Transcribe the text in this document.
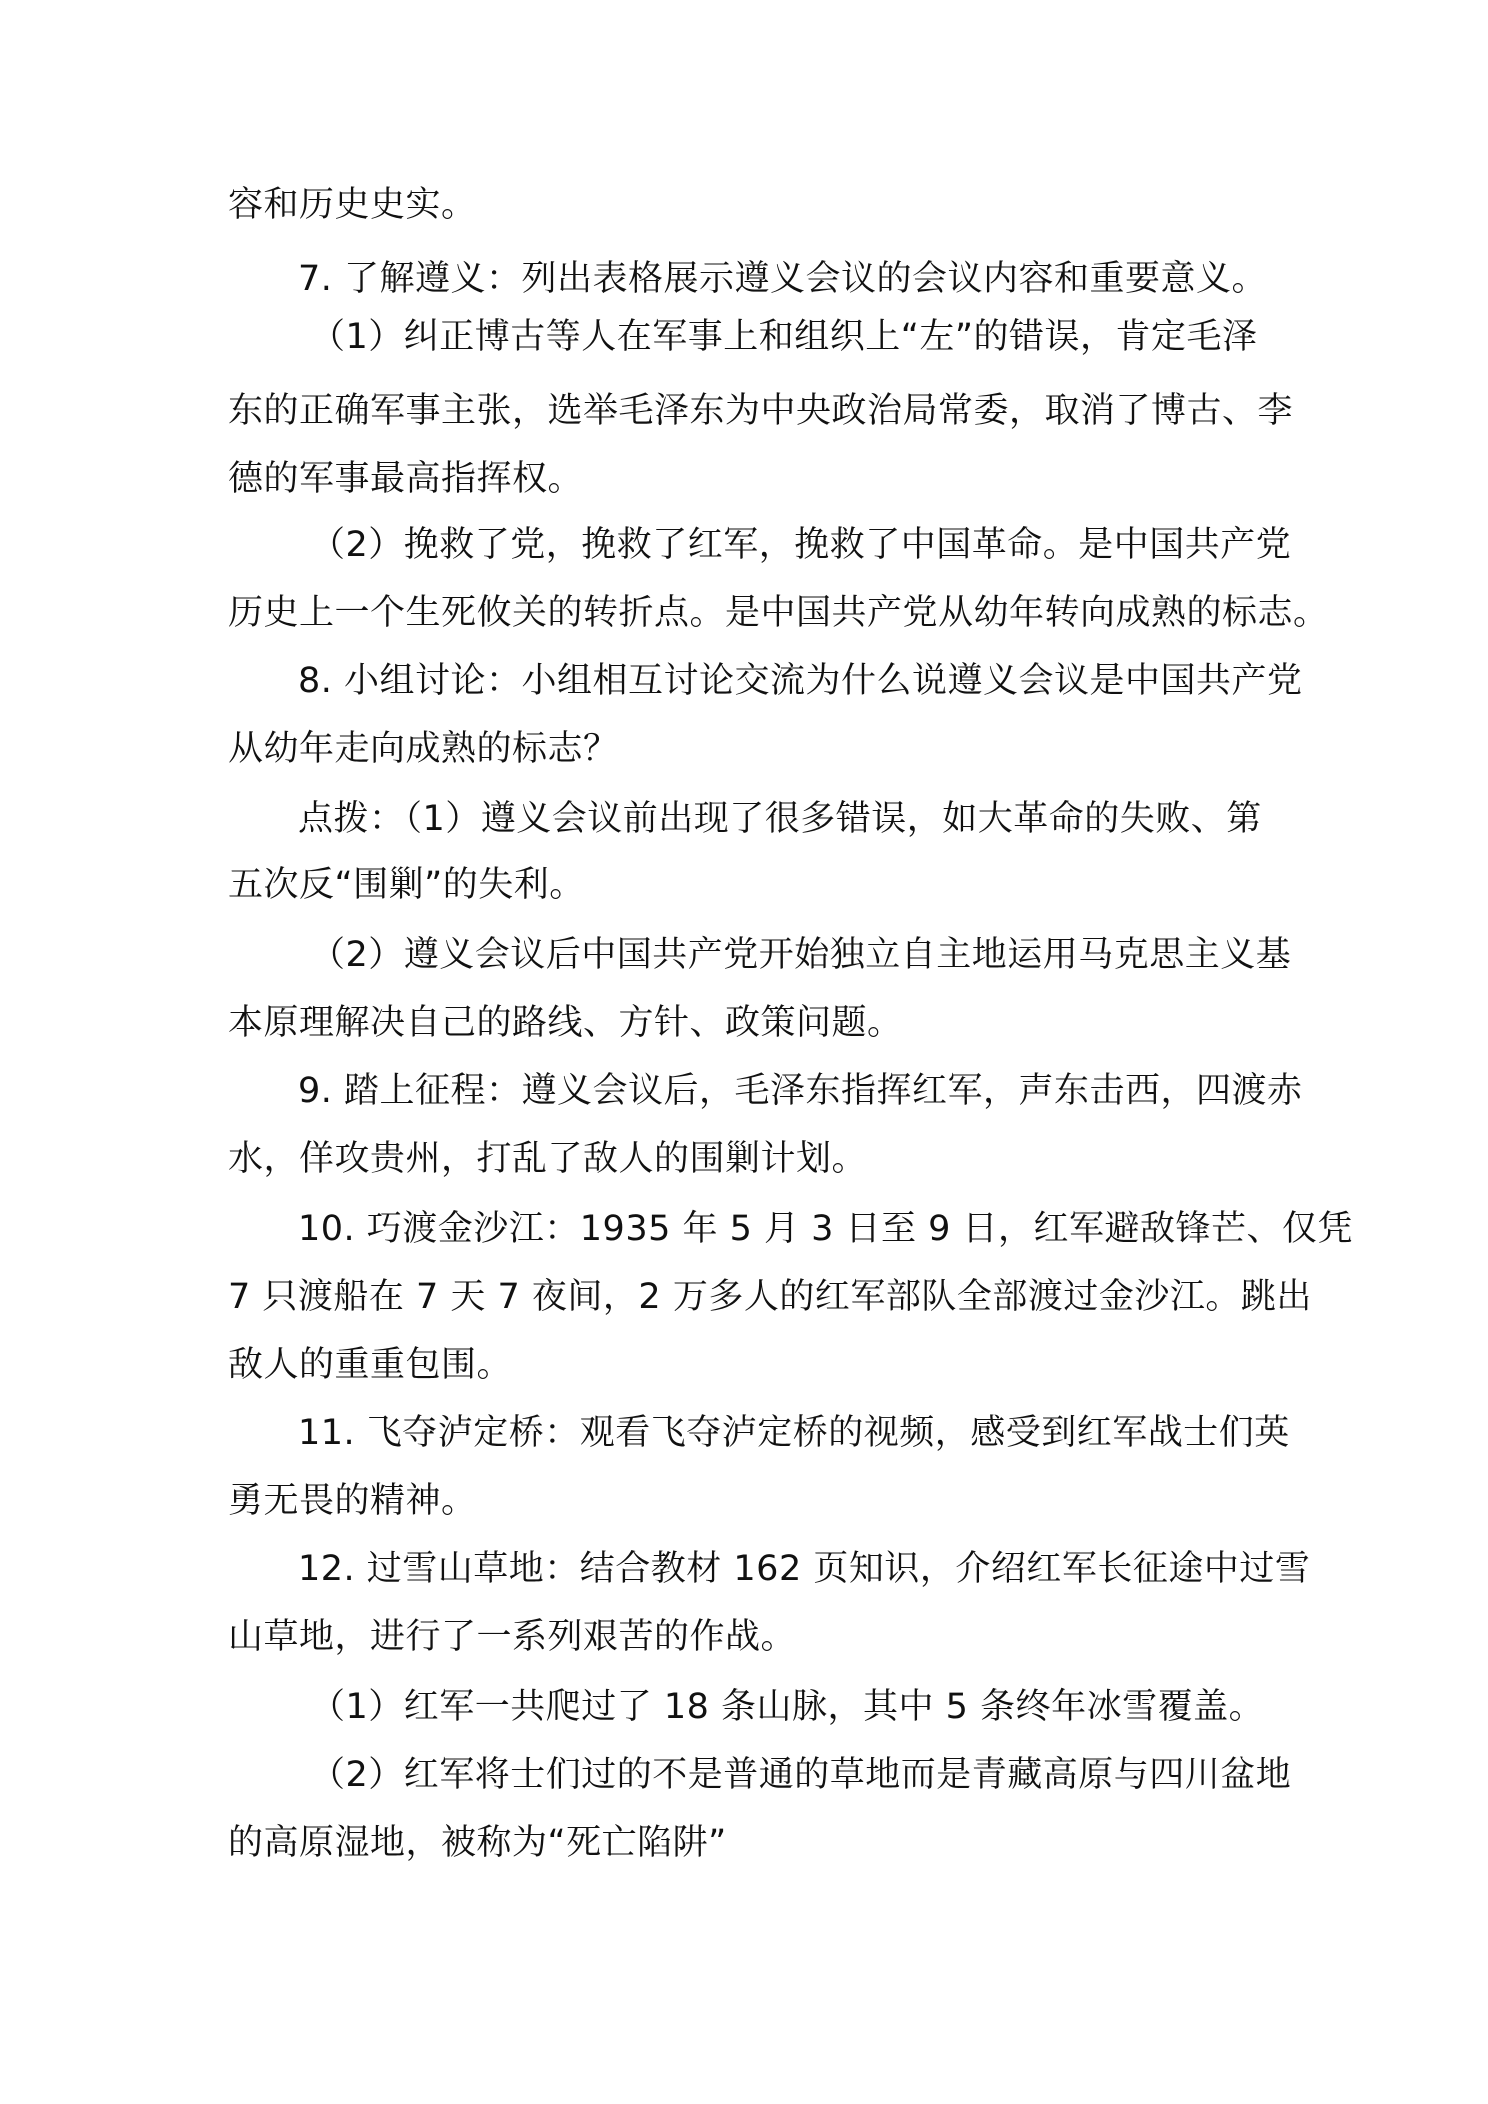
容和历史史实。

7. 了解遵义：列出表格展示遵义会议的会议内容和重要意义。

（1）纠正博古等人在军事上和组织上“左”的错误，肯定毛泽

东的正确军事主张，选举毛泽东为中央政治局常委，取消了博古、李

德的军事最高指挥权。

（2）挽救了党，挽救了红军，挽救了中国革命。是中国共产党

历史上一个生死攸关的转折点。是中国共产党从幼年转向成熟的标志。

8. 小组讨论：小组相互讨论交流为什么说遵义会议是中国共产党

从幼年走向成熟的标志？

点拨：（1）遵义会议前出现了很多错误，如大革命的失败、第

五次反“围剿”的失利。

（2）遵义会议后中国共产党开始独立自主地运用马克思主义基

本原理解决自己的路线、方针、政策问题。

9. 踏上征程：遵义会议后，毛泽东指挥红军，声东击西，四渡赤

水，佯攻贵州，打乱了敌人的围剿计划。

10. 巧渡金沙江：1935 年 5 月 3 日至 9 日，红军避敌锋芒、仅凭

7 只渡船在 7 天 7 夜间，2 万多人的红军部队全部渡过金沙江。跳出

敌人的重重包围。

11. 飞夺泸定桥：观看飞夺泸定桥的视频，感受到红军战士们英

勇无畏的精神。

12. 过雪山草地：结合教材 162 页知识，介绍红军长征途中过雪

山草地，进行了一系列艰苦的作战。

（1）红军一共爬过了 18 条山脉，其中 5 条终年冰雪覆盖。

（2）红军将士们过的不是普通的草地而是青藏高原与四川盆地

的高原湿地，被称为“死亡陷阱”
